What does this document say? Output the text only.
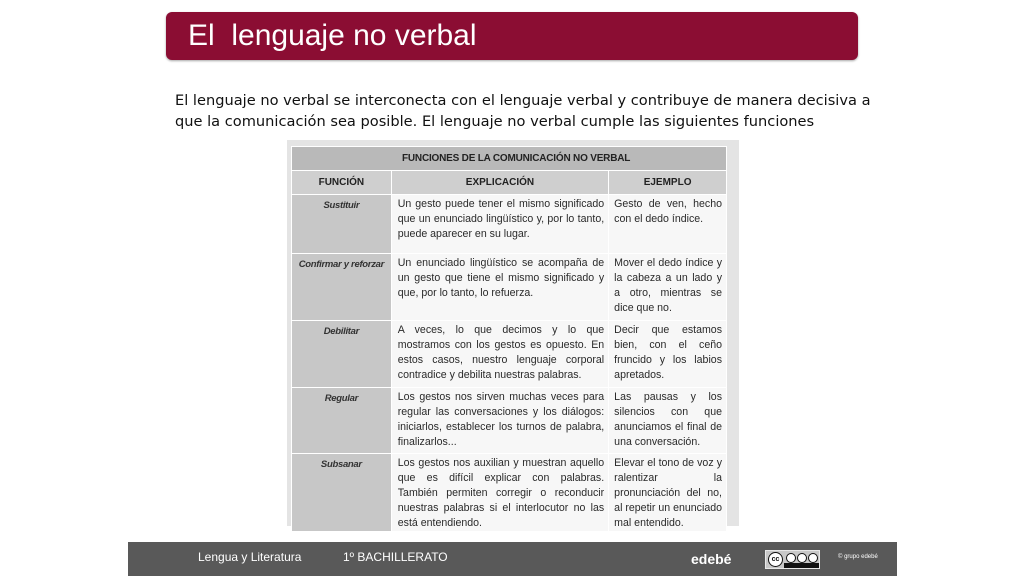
El  lenguaje no verbal
El lenguaje no verbal se interconecta con el lenguaje verbal y contribuye de manera decisiva a que la comunicación sea posible. El lenguaje no verbal cumple las siguientes funciones
FUNCIONES DE LA COMUNICACIÓN NO VERBAL		
FUNCIÓN	EXPLICACIÓN	EJEMPLO
Sustituir	Un gesto puede tener el mismo significado que un enunciado lingüístico y, por lo tanto, puede aparecer en su lugar.	Gesto de ven, hecho con el dedo índice.
Confirmar y reforzar	Un enunciado lingüístico se acompaña de un gesto que tiene el mismo significado y que, por lo tanto, lo refuerza.	Mover el dedo índice y la cabeza a un lado y a otro, mientras se dice que no.
Debilitar	A veces, lo que decimos y lo que mostramos con los gestos es opuesto. En estos casos, nuestro lenguaje corporal contradice y debilita nuestras palabras.	Decir que estamos bien, con el ceño fruncido y los labios apretados.
Regular	Los gestos nos sirven muchas veces para regular las conversaciones y los diálogos: iniciarlos, establecer los turnos de palabra, finalizarlos...	Las pausas y los silencios con que anunciamos el final de una conversación.
Subsanar	Los gestos nos auxilian y muestran aquello que es difícil explicar con palabras. También permiten corregir o reconducir nuestras palabras si el interlocutor no las está entendiendo.	Elevar el tono de voz y ralentizar la pronunciación del no, al repetir un enunciado mal entendido.
Lengua y Literatura	1º BACHILLERATO	edebé	cc	© grupo edebé
